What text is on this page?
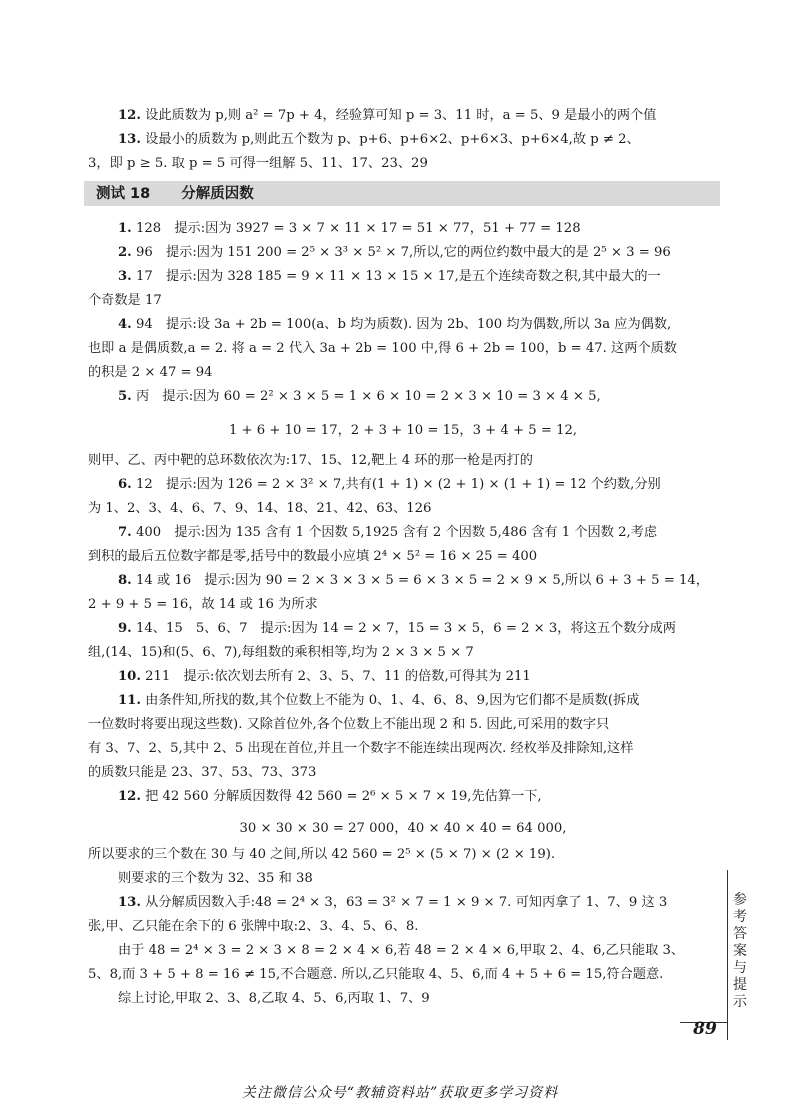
12. 设此质数为 p,则 a² = 7p + 4，经验算可知 p = 3、11 时，a = 5、9 是最小的两个值
13. 设最小的质数为 p,则此五个数为 p、p+6、p+6×2、p+6×3、p+6×4,故 p ≠ 2、
3，即 p ≥ 5. 取 p = 5 可得一组解 5、11、17、23、29
测试 18 分解质因数
1. 128　提示:因为 3927 = 3 × 7 × 11 × 17 = 51 × 77，51 + 77 = 128
2. 96　提示:因为 151 200 = 2⁵ × 3³ × 5² × 7,所以,它的两位约数中最大的是 2⁵ × 3 = 96
3. 17　提示:因为 328 185 = 9 × 11 × 13 × 15 × 17,是五个连续奇数之积,其中最大的一
个奇数是 17
4. 94　提示:设 3a + 2b = 100(a、b 均为质数). 因为 2b、100 均为偶数,所以 3a 应为偶数,
也即 a 是偶质数,a = 2. 将 a = 2 代入 3a + 2b = 100 中,得 6 + 2b = 100，b = 47. 这两个质数
的积是 2 × 47 = 94
5. 丙　提示:因为 60 = 2² × 3 × 5 = 1 × 6 × 10 = 2 × 3 × 10 = 3 × 4 × 5,
1 + 6 + 10 = 17，2 + 3 + 10 = 15，3 + 4 + 5 = 12,
则甲、乙、丙中靶的总环数依次为:17、15、12,靶上 4 环的那一枪是丙打的
6. 12　提示:因为 126 = 2 × 3² × 7,共有(1 + 1) × (2 + 1) × (1 + 1) = 12 个约数,分别
为 1、2、3、4、6、7、9、14、18、21、42、63、126
7. 400　提示:因为 135 含有 1 个因数 5,1925 含有 2 个因数 5,486 含有 1 个因数 2,考虑
到积的最后五位数字都是零,括号中的数最小应填 2⁴ × 5² = 16 × 25 = 400
8. 14 或 16　提示:因为 90 = 2 × 3 × 3 × 5 = 6 × 3 × 5 = 2 × 9 × 5,所以 6 + 3 + 5 = 14，
2 + 9 + 5 = 16，故 14 或 16 为所求
9. 14、15　5、6、7　提示:因为 14 = 2 × 7，15 = 3 × 5，6 = 2 × 3，将这五个数分成两
组,(14、15)和(5、6、7),每组数的乘积相等,均为 2 × 3 × 5 × 7
10. 211　提示:依次划去所有 2、3、5、7、11 的倍数,可得其为 211
11. 由条件知,所找的数,其个位数上不能为 0、1、4、6、8、9,因为它们都不是质数(拆成
一位数时将要出现这些数). 又除首位外,各个位数上不能出现 2 和 5. 因此,可采用的数字只
有 3、7、2、5,其中 2、5 出现在首位,并且一个数字不能连续出现两次. 经枚举及排除知,这样
的质数只能是 23、37、53、73、373
12. 把 42 560 分解质因数得 42 560 = 2⁶ × 5 × 7 × 19,先估算一下,
30 × 30 × 30 = 27 000，40 × 40 × 40 = 64 000,
所以要求的三个数在 30 与 40 之间,所以 42 560 = 2⁵ × (5 × 7) × (2 × 19).
则要求的三个数为 32、35 和 38
13. 从分解质因数入手:48 = 2⁴ × 3，63 = 3² × 7 = 1 × 9 × 7. 可知丙拿了 1、7、9 这 3
张,甲、乙只能在余下的 6 张牌中取:2、3、4、5、6、8.
由于 48 = 2⁴ × 3 = 2 × 3 × 8 = 2 × 4 × 6,若 48 = 2 × 4 × 6,甲取 2、4、6,乙只能取 3、
5、8,而 3 + 5 + 8 = 16 ≠ 15,不合题意. 所以,乙只能取 4、5、6,而 4 + 5 + 6 = 15,符合题意.
综上讨论,甲取 2、3、8,乙取 4、5、6,丙取 1、7、9
参
考
答
案
与
提
示
89
关注微信公众号“教辅资料站”获取更多学习资料
